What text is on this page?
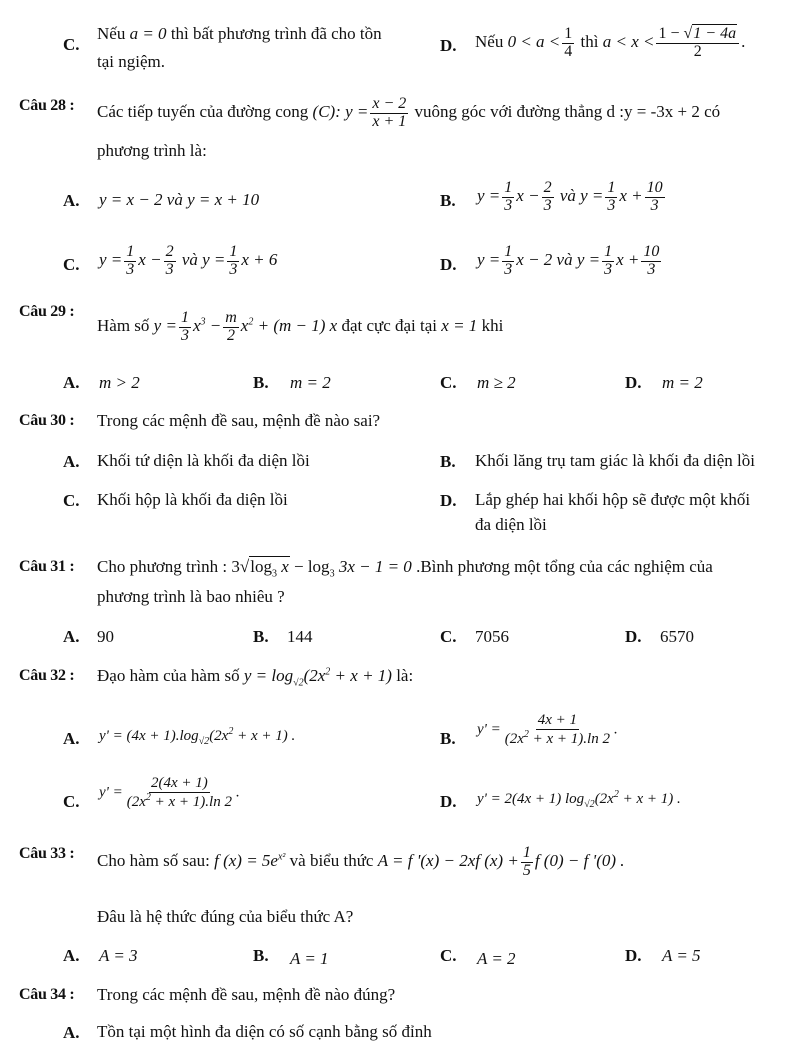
C.
Nếu a = 0 thì bất phương trình đã cho tồn
tại ngiệm.
D. Nếu $0 < a < \frac{1}{4}$ thì $a < x < \frac{1 - √1 - 4a}{2}$ .
Câu 28 : Các tiếp tuyến của đường cong (C): $y = \frac{x - 2}{x + 1}$ vuông góc với đường thẳng d :y = -3x + 2 có
phương trình là:
A. y = x − 2 và y = x + 10	B. $y = \frac{1}{3}$ $x - \frac{2}{3}$ và $y = \frac{1}{3}$ $x + \frac{10}{3}$
C. $y = \frac{1}{3}$ $x - \frac{2}{3}$ và $y = \frac{1}{3}$ x + 6	D. $y = \frac{1}{3}$ x − 2 và $y = \frac{1}{3}$ $x + \frac{10}{3}$
Câu 29 :
Hàm số $y = \frac{1}{3} x^3 - \frac{m}{2} x^2 + (m - 1)$ x đạt cực đại tại x = 1 khi
A. m > 2	B. m = 2	C. m ≥ 2	D. m = 2
Câu 30 : Trong các mệnh đề sau, mệnh đề nào sai?
A. Khối tứ diện là khối đa diện lồi	B. Khối lăng trụ tam giác là khối đa diện lồi
C. Khối hộp là khối đa diện lồi	D. Lắp ghép hai khối hộp sẽ được một khối
đa diện lồi
Câu 31 : Cho phương trình : $3√\log_3$ $x - \log_3 3x - 1 = 0$ .Bình phương một tổng của các nghiệm của
phương trình là bao nhiêu ?
A. 90	B. 144	C. 7056	D. 6570
Câu 32 : Đạo hàm của hàm số $y = \log_{√2}(2x^2 + x + 1)$ là:
A. $y' = (4x + 1).\log_{√2}(2x^2 + x + 1)$ .	B. $y' = \frac{4x + 1}{(2x^2 + x + 1).\ln 2}$ .
C. $y' = \frac{2(4x + 1)}{(2x^2 + x + 1).\ln 2}$ .	D. y' = 2(4x + 1) $\log_{√2}(2x^2 + x + 1)$ .
Câu 33 : Cho hàm số sau: f $(x) = 5e^{x^2}$ và biểu thức A = f '(x) − 2xf $(x) + \frac{1}{5}$ f (0) − f '(0) .
Đâu là hệ thức đúng của biểu thức A?
A. A = 3	B. A = 1	C. A = 2	D. A = 5
Câu 34 : Trong các mệnh đề sau, mệnh đề nào đúng?
A. Tồn tại một hình đa diện có số cạnh bằng số đỉnh
